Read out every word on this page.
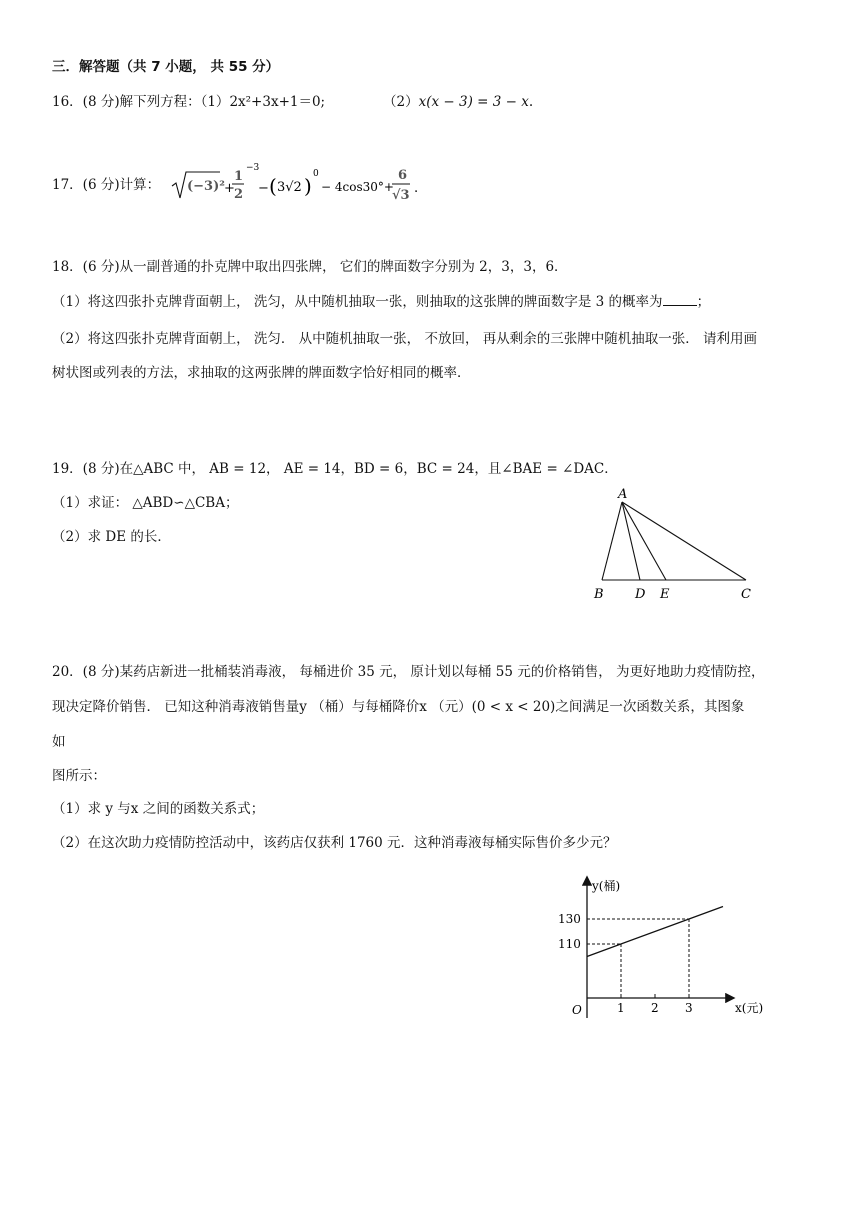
三．解答题（共 7 小题， 共 55 分）
16．(8 分)解下列方程：（1）2x²+3x+1＝0;	（2）x(x − 3) = 3 − x.
17．(6 分)计算： (−3)² +
1
2
−3
− ( 3√2 ) 0
− 4cos30°+
6
√3 .
18．(6 分)从一副普通的扑克牌中取出四张牌， 它们的牌面数字分别为 2，3，3，6．
（1）将这四张扑克牌背面朝上， 洗匀，从中随机抽取一张，则抽取的这张牌的牌面数字是 3 的概率为	；
（2）将这四张扑克牌背面朝上， 洗匀． 从中随机抽取一张， 不放回， 再从剩余的三张牌中随机抽取一张． 请利用画
树状图或列表的方法，求抽取的这两张牌的牌面数字恰好相同的概率．
19．(8 分)在△ABC 中， AB = 12， AE = 14，BD = 6，BC = 24，且∠BAE = ∠DAC．
（1）求证： △ABD∽△CBA；
（2）求 DE 的长．
A
B D E	C
20．(8 分)某药店新进一批桶装消毒液， 每桶进价 35 元， 原计划以每桶 55 元的价格销售， 为更好地助力疫情防控，
现决定降价销售． 已知这种消毒液销售量y （桶）与每桶降价x （元）(0 < x < 20)之间满足一次函数关系，其图象
如
图所示：
（1）求 y 与x 之间的函数关系式；
（2）在这次助力疫情防控活动中，该药店仅获利 1760 元．这种消毒液每桶实际售价多少元？
O	x(元)
y(桶)
110
130
1 2 3
